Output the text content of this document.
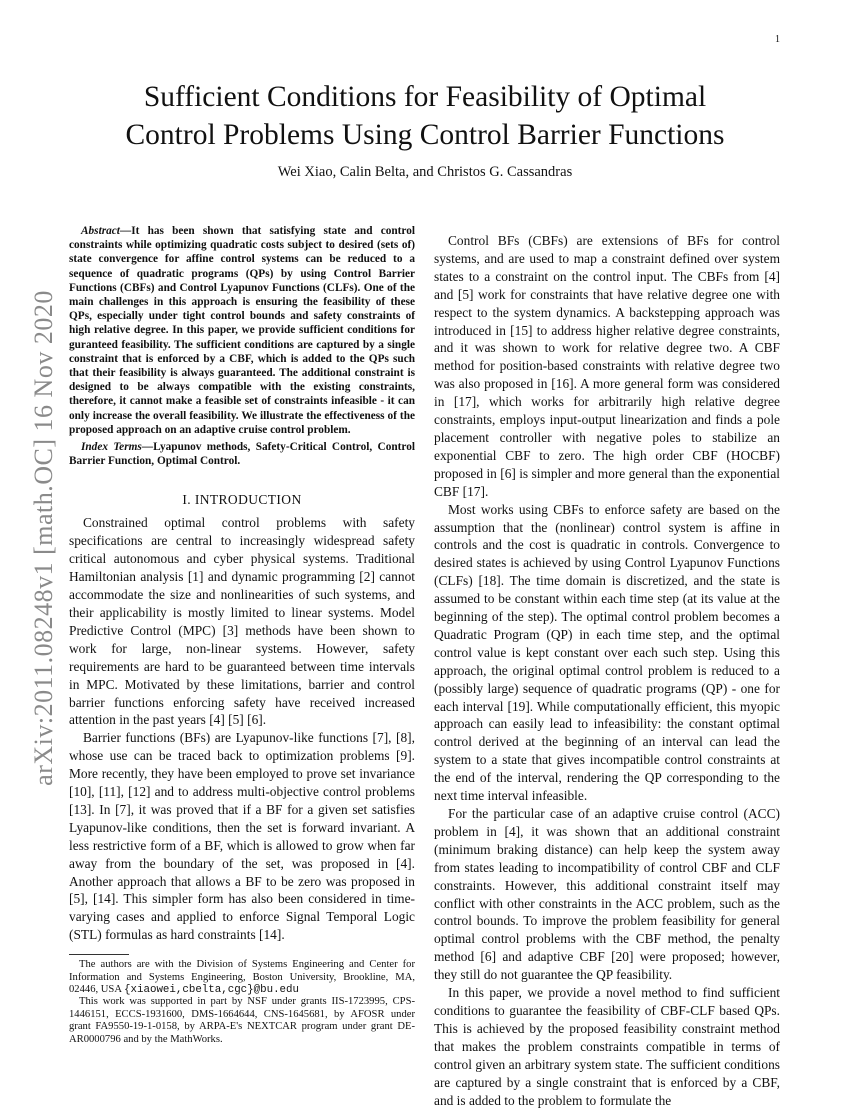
1
arXiv:2011.08248v1 [math.OC] 16 Nov 2020
Sufficient Conditions for Feasibility of Optimal
Control Problems Using Control Barrier Functions
Wei Xiao, Calin Belta, and Christos G. Cassandras

Abstract—It has been shown that satisfying state and control constraints while optimizing quadratic costs subject to desired (sets of) state convergence for affine control systems can be reduced to a sequence of quadratic programs (QPs) by using Control Barrier Functions (CBFs) and Control Lyapunov Functions (CLFs). One of the main challenges in this approach is ensuring the feasibility of these QPs, especially under tight control bounds and safety constraints of high relative degree. In this paper, we provide sufficient conditions for guranteed feasibility. The sufficient conditions are captured by a single constraint that is enforced by a CBF, which is added to the QPs such that their feasibility is always guaranteed. The additional constraint is designed to be always compatible with the existing constraints, therefore, it cannot make a feasible set of constraints infeasible - it can only increase the overall feasibility. We illustrate the effectiveness of the proposed approach on an adaptive cruise control problem.

Index Terms—Lyapunov methods, Safety-Critical Control, Control Barrier Function, Optimal Control.

I. INTRODUCTION

Constrained optimal control problems with safety specifications are central to increasingly widespread safety critical autonomous and cyber physical systems. Traditional Hamiltonian analysis [1] and dynamic programming [2] cannot accommodate the size and nonlinearities of such systems, and their applicability is mostly limited to linear systems. Model Predictive Control (MPC) [3] methods have been shown to work for large, non-linear systems. However, safety requirements are hard to be guaranteed between time intervals in MPC. Motivated by these limitations, barrier and control barrier functions enforcing safety have received increased attention in the past years [4] [5] [6].

Barrier functions (BFs) are Lyapunov-like functions [7], [8], whose use can be traced back to optimization problems [9]. More recently, they have been employed to prove set invariance [10], [11], [12] and to address multi-objective control problems [13]. In [7], it was proved that if a BF for a given set satisfies Lyapunov-like conditions, then the set is forward invariant. A less restrictive form of a BF, which is allowed to grow when far away from the boundary of the set, was proposed in [4]. Another approach that allows a BF to be zero was proposed in [5], [14]. This simpler form has also been considered in time-varying cases and applied to enforce Signal Temporal Logic (STL) formulas as hard constraints [14].

The authors are with the Division of Systems Engineering and Center for Information and Systems Engineering, Boston University, Brookline, MA, 02446, USA {xiaowei,cbelta,cgc}@bu.edu

This work was supported in part by NSF under grants IIS-1723995, CPS-1446151, ECCS-1931600, DMS-1664644, CNS-1645681, by AFOSR under grant FA9550-19-1-0158, by ARPA-E's NEXTCAR program under grant DE-AR0000796 and by the MathWorks.

Control BFs (CBFs) are extensions of BFs for control systems, and are used to map a constraint defined over system states to a constraint on the control input. The CBFs from [4] and [5] work for constraints that have relative degree one with respect to the system dynamics. A backstepping approach was introduced in [15] to address higher relative degree constraints, and it was shown to work for relative degree two. A CBF method for position-based constraints with relative degree two was also proposed in [16]. A more general form was considered in [17], which works for arbitrarily high relative degree constraints, employs input-output linearization and finds a pole placement controller with negative poles to stabilize an exponential CBF to zero. The high order CBF (HOCBF) proposed in [6] is simpler and more general than the exponential CBF [17].

Most works using CBFs to enforce safety are based on the assumption that the (nonlinear) control system is affine in controls and the cost is quadratic in controls. Convergence to desired states is achieved by using Control Lyapunov Functions (CLFs) [18]. The time domain is discretized, and the state is assumed to be constant within each time step (at its value at the beginning of the step). The optimal control problem becomes a Quadratic Program (QP) in each time step, and the optimal control value is kept constant over each such step. Using this approach, the original optimal control problem is reduced to a (possibly large) sequence of quadratic programs (QP) - one for each interval [19]. While computationally efficient, this myopic approach can easily lead to infeasibility: the constant optimal control derived at the beginning of an interval can lead the system to a state that gives incompatible control constraints at the end of the interval, rendering the QP corresponding to the next time interval infeasible.

For the particular case of an adaptive cruise control (ACC) problem in [4], it was shown that an additional constraint (minimum braking distance) can help keep the system away from states leading to incompatibility of control CBF and CLF constraints. However, this additional constraint itself may conflict with other constraints in the ACC problem, such as the control bounds. To improve the problem feasibility for general optimal control problems with the CBF method, the penalty method [6] and adaptive CBF [20] were proposed; however, they still do not guarantee the QP feasibility.

In this paper, we provide a novel method to find sufficient conditions to guarantee the feasibility of CBF-CLF based QPs. This is achieved by the proposed feasibility constraint method that makes the problem constraints compatible in terms of control given an arbitrary system state. The sufficient conditions are captured by a single constraint that is enforced by a CBF, and is added to the problem to formulate the
